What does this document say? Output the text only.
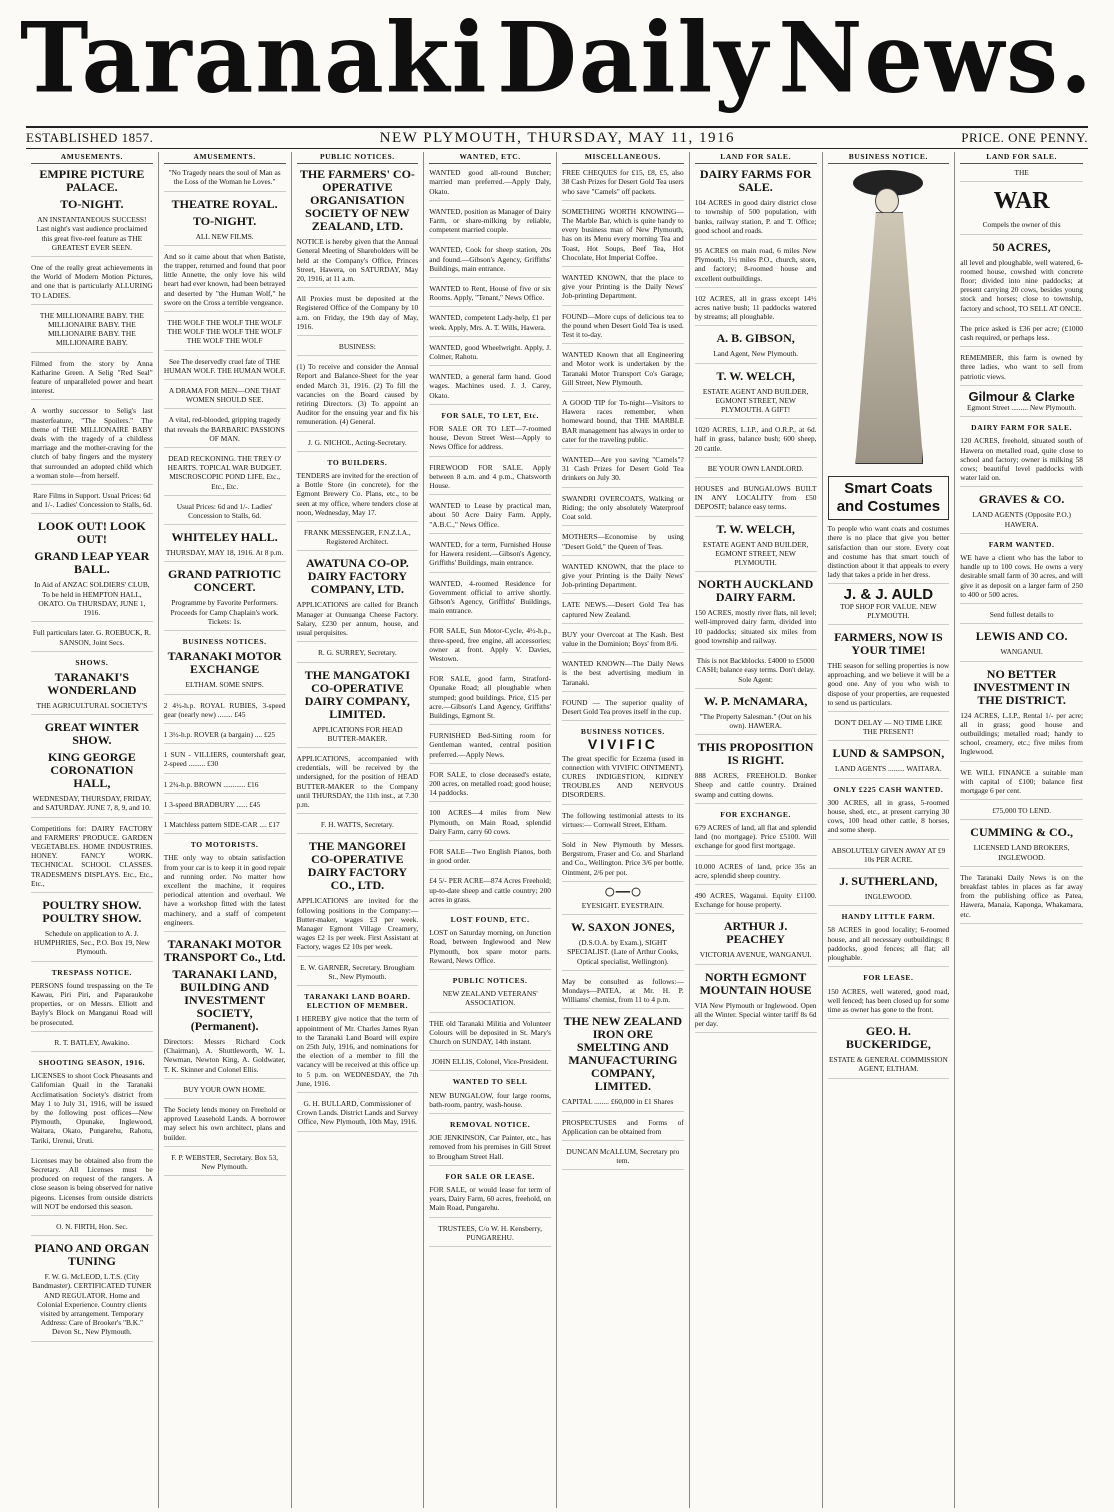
Taranaki Daily News.
ESTABLISHED 1857.	NEW PLYMOUTH, THURSDAY, MAY 11, 1916	PRICE. ONE PENNY.
AMUSEMENTS.
EMPIRE PICTURE PALACE.
TO-NIGHT.
AN INSTANTANEOUS SUCCESS! Last night's vast audience proclaimed this great five-reel feature as THE GREATEST EVER SEEN.
One of the really great achievements in the World of Modern Motion Pictures, and one that is particularly ALLURING TO LADIES.
THE MILLIONAIRE BABY. THE MILLIONAIRE BABY. THE MILLIONAIRE BABY. THE MILLIONAIRE BABY.
Filmed from the story by Anna Katharine Green. A Selig "Red Seal" feature of unparalleled power and heart interest.
A worthy successor to Selig's last masterfeature, "The Spoilers." The theme of THE MILLIONAIRE BABY deals with the tragedy of a childless marriage and the mother-craving for the clutch of baby fingers and the mystery that surrounded an adopted child which a woman stole—from herself.
Rare Films in Support. Usual Prices: 6d and 1/-. Ladies' Concession to Stalls, 6d.
LOOK OUT! LOOK OUT!
GRAND LEAP YEAR BALL.
In Aid of ANZAC SOLDIERS' CLUB, To be held in HEMPTON HALL, OKATO. On THURSDAY, JUNE 1, 1916.
Full particulars later. G. ROEBUCK, R. SANSON, Joint Secs.
SHOWS.
TARANAKI'S WONDERLAND
THE AGRICULTURAL SOCIETY'S
GREAT WINTER SHOW.
KING GEORGE CORONATION HALL,
WEDNESDAY, THURSDAY, FRIDAY, and SATURDAY. JUNE 7, 8, 9, and 10.
Competitions for: DAIRY FACTORY and FARMERS' PRODUCE. GARDEN VEGETABLES. HOME INDUSTRIES. HONEY. FANCY WORK. TECHNICAL SCHOOL CLASSES. TRADESMEN'S DISPLAYS. Etc., Etc., Etc.,
POULTRY SHOW. POULTRY SHOW.
Schedule on application to A. J. HUMPHRIES, Sec., P.O. Box 19, New Plymouth.
TRESPASS NOTICE.
PERSONS found trespassing on the Te Kawau, Piri Piri, and Paparaukohe properties, or on Messrs. Elliott and Bayly's Block on Manganui Road will be prosecuted.
R. T. BATLEY, Awakino.
SHOOTING SEASON, 1916.
LICENSES to shoot Cock Pheasants and Californian Quail in the Taranaki Acclimatisation Society's district from May 1 to July 31, 1916, will be issued by the following post offices—New Plymouth, Opunake, Inglewood, Waitara, Okato, Pungarehu, Rahotu, Tariki, Urenui, Uruti.
Licenses may be obtained also from the Secretary. All Licenses must be produced on request of the rangers. A close season is being observed for native pigeons. Licenses from outside districts will NOT be endorsed this season.
O. N. FIRTH, Hon. Sec.
PIANO AND ORGAN TUNING
F. W. G. McLEOD, L.T.S. (City Bandmaster). CERTIFICATED TUNER AND REGULATOR. Home and Colonial Experience. Country clients visited by arrangement. Temporary Address: Care of Brooker's "B.K." Devon St., New Plymouth.
AMUSEMENTS.
"No Tragedy nears the soul of Man as the Loss of the Woman he Loves."
THEATRE ROYAL.
TO-NIGHT.
ALL NEW FILMS.
And so it came about that when Batiste, the trapper, returned and found that poor little Annette, the only love his wild heart had ever known, had been betrayed and deserted by "the Human Wolf," he swore on the Cross a terrible vengeance.
THE WOLF THE WOLF THE WOLF THE WOLF THE WOLF THE WOLF THE WOLF THE WOLF
See The deservedly cruel fate of THE HUMAN WOLF. THE HUMAN WOLF.
A DRAMA FOR MEN—ONE THAT WOMEN SHOULD SEE.
A vital, red-blooded, gripping tragedy that reveals the BARBARIC PASSIONS OF MAN.
DEAD RECKONING. THE TREY O' HEARTS. TOPICAL WAR BUDGET. MISCROSCOPIC POND LIFE. Etc., Etc., Etc.
Usual Prices: 6d and 1/-. Ladies' Concession to Stalls, 6d.
WHITELEY HALL.
THURSDAY, MAY 18, 1916. At 8 p.m.
GRAND PATRIOTIC CONCERT.
Programme by Favorite Performers. Proceeds for Camp Chaplain's work. Tickets: 1s.
BUSINESS NOTICES.
TARANAKI MOTOR EXCHANGE
ELTHAM. SOME SNIPS.
2 4½-h.p. ROYAL RUBIES, 3-speed gear (nearly new) ........ £45
1 3½-h.p. ROVER (a bargain) .... £25
1 SUN - VILLIERS, countershaft gear, 2-speed ......... £30
1 2¾-h.p. BROWN ............ £16
1 3-speed BRADBURY ...... £45
1 Matchless pattern SIDE-CAR .... £17
TO MOTORISTS.
THE only way to obtain satisfaction from your car is to keep it in good repair and running order. No matter how excellent the machine, it requires periodical attention and overhaul. We have a workshop fitted with the latest machinery, and a staff of competent engineers.
TARANAKI MOTOR TRANSPORT Co., Ltd.
TARANAKI LAND, BUILDING AND INVESTMENT SOCIETY, (Permanent).
Directors: Messrs Richard Cock (Chairman), A. Shuttleworth, W. L. Newman, Newton King, A. Goldwater, T. K. Skinner and Colonel Ellis.
BUY YOUR OWN HOME.
The Society lends money on Freehold or approved Leasehold Lands. A borrower may select his own architect, plans and builder.
F. P. WEBSTER, Secretary. Box 53, New Plymouth.
PUBLIC NOTICES.
THE FARMERS' CO-OPERATIVE ORGANISATION SOCIETY OF NEW ZEALAND, LTD.
NOTICE is hereby given that the Annual General Meeting of Shareholders will be held at the Company's Office, Princes Street, Hawera, on SATURDAY, May 20, 1916, at 11 a.m.
All Proxies must be deposited at the Registered Office of the Company by 10 a.m. on Friday, the 19th day of May, 1916.
BUSINESS:
(1) To receive and consider the Annual Report and Balance-Sheet for the year ended March 31, 1916. (2) To fill the vacancies on the Board caused by retiring Directors. (3) To appoint an Auditor for the ensuing year and fix his remuneration. (4) General.
J. G. NICHOL, Acting-Secretary.
TO BUILDERS.
TENDERS are invited for the erection of a Bottle Store (in concrete), for the Egmont Brewery Co. Plans, etc., to be seen at my office, where tenders close at noon, Wednesday, May 17.
FRANK MESSENGER, F.N.Z.I.A., Registered Architect.
AWATUNA CO-OP. DAIRY FACTORY COMPANY, LTD.
APPLICATIONS are called for Branch Manager at Ounuanga Cheese Factory. Salary, £230 per annum, house, and usual perquisites.
R. G. SURREY, Secretary.
THE MANGATOKI CO-OPERATIVE DAIRY COMPANY, LIMITED.
APPLICATIONS FOR HEAD BUTTER-MAKER.
APPLICATIONS, accompanied with credentials, will be received by the undersigned, for the position of HEAD BUTTER-MAKER to the Company until THURSDAY, the 11th inst., at 7.30 p.m.
F. H. WATTS, Secretary.
THE MANGOREI CO-OPERATIVE DAIRY FACTORY CO., LTD.
APPLICATIONS are invited for the following positions in the Company:— Butter-maker, wages £3 per week. Manager Egmont Village Creamery, wages £2 1s per week. First Assistant at Factory, wages £2 10s per week.
E. W. GARNER, Secretary. Brougham St., New Plymouth.
TARANAKI LAND BOARD. ELECTION OF MEMBER.
I HEREBY give notice that the term of appointment of Mr. Charles James Ryan to the Taranaki Land Board will expire on 25th July, 1916, and nominations for the election of a member to fill the vacancy will be received at this office up to 5 p.m. on WEDNESDAY, the 7th June, 1916.
G. H. BULLARD, Commissioner of Crown Lands. District Lands and Survey Office, New Plymouth, 10th May, 1916.
WANTED, ETC.
WANTED good all-round Butcher; married man preferred.—Apply Daly, Okato.
WANTED, position as Manager of Dairy Farm, or share-milking by reliable, competent married couple.
WANTED, Cook for sheep station, 20s and found.—Gibson's Agency, Griffiths' Buildings, main entrance.
WANTED to Rent, House of five or six Rooms. Apply, "Tenant," News Office.
WANTED, competent Lady-help, £1 per week. Apply, Mrs. A. T. Wills, Hawera.
WANTED, good Wheelwright. Apply, J. Colmer, Rahotu.
WANTED, a general farm hand. Good wages. Machines used. J. J. Carey, Okato.
FOR SALE, TO LET, Etc.
FOR SALE OR TO LET—7-roomed house, Devon Street West—Apply to News Office for address.
FIREWOOD FOR SALE. Apply between 8 a.m. and 4 p.m., Chatsworth House.
WANTED to Lease by practical man, about 50 Acre Dairy Farm. Apply, "A.B.C.," News Office.
WANTED, for a term, Furnished House for Hawera resident.—Gibson's Agency, Griffiths' Buildings, main entrance.
WANTED, 4-roomed Residence for Government official to arrive shortly. Gibson's Agency, Griffiths' Buildings, main entrance.
FOR SALE, Sun Motor-Cycle, 4½-h.p., three-speed, free engine, all accessories; owner at front. Apply V. Davies, Westown.
FOR SALE, good farm, Stratford-Opunake Road; all ploughable when stumped; good buildings. Price, £15 per acre.—Gibson's Land Agency, Griffiths' Buildings, Egmont St.
FURNISHED Bed-Sitting room for Gentleman wanted, central position preferred.—Apply News.
FOR SALE, to close deceased's estate, 200 acres, on metalled road; good house; 14 paddocks.
100 ACRES—4 miles from New Plymouth, on Main Road, splendid Dairy Farm, carry 60 cows.
FOR SALE—Two English Pianos, both in good order.
£4 5/- PER ACRE—874 Acres Freehold; up-to-date sheep and cattle country; 200 acres in grass.
LOST FOUND, ETC.
LOST on Saturday morning, on Junction Road, between Inglewood and New Plymouth, box spare motor parts. Reward, News Office.
PUBLIC NOTICES.
NEW ZEALAND VETERANS' ASSOCIATION.
THE old Taranaki Militia and Volunteer Colours will be deposited in St. Mary's Church on SUNDAY, 14th instant.
JOHN ELLIS, Colonel, Vice-President.
WANTED TO SELL
NEW BUNGALOW, four large rooms, bath-room, pantry, wash-house.
REMOVAL NOTICE.
JOE JENKINSON, Car Painter, etc., has removed from his premises in Gill Street to Brougham Street Hall.
FOR SALE OR LEASE.
FOR SALE, or would lease for term of years, Dairy Farm, 60 acres, freehold, on Main Road, Pungarehu.
TRUSTEES, C/o W. H. Kensberry, PUNGAREHU.
MISCELLANEOUS.
FREE CHEQUES for £15, £8, £5, also 38 Cash Prizes for Desert Gold Tea users who save "Camels" off packets.
SOMETHING WORTH KNOWING—The Marble Bar, which is quite handy to every business man of New Plymouth, has on its Menu every morning Tea and Toast, Hot Soups, Beef Tea, Hot Chocolate, Hot Imperial Coffee.
WANTED KNOWN, that the place to give your Printing is the Daily News' Job-printing Department.
FOUND—More cups of delicious tea to the pound when Desert Gold Tea is used. Test it to-day.
WANTED Known that all Engineering and Motor work is undertaken by the Taranaki Motor Transport Co's Garage, Gill Street, New Plymouth.
A GOOD TIP for To-night—Visitors to Hawera races remember, when homeward bound, that THE MARBLE BAR management has always in order to cater for the traveling public.
WANTED—Are you saving "Camels"? 31 Cash Prizes for Desert Gold Tea drinkers on July 30.
SWANDRI OVERCOATS, Walking or Riding; the only absolutely Waterproof Coat sold.
MOTHERS—Economise by using "Desert Gold," the Queen of Teas.
WANTED KNOWN, that the place to give your Printing is the Daily News' Job-printing Department.
LATE NEWS.—Desert Gold Tea has captured New Zealand.
BUY your Overcoat at The Kash. Best value in the Dominion; Boys' from 8/6.
WANTED KNOWN—The Daily News is the best advertising medium in Taranaki.
FOUND — The superior quality of Desert Gold Tea proves itself in the cup.
BUSINESS NOTICES.
VIVIFIC
The great specific for Eczema (used in connection with VIVIFIC OINTMENT). CURES INDIGESTION, KIDNEY TROUBLES AND NERVOUS DISORDERS.
The following testimonial attests to its virtues:— Cornwall Street, Eltham.
Sold in New Plymouth by Messrs. Bergstrom, Fraser and Co. and Sharland and Co., Wellington. Price 3/6 per bottle. Ointment, 2/6 per pot.
○─○
EYESIGHT. EYESTRAIN.
W. SAXON JONES,
(D.S.O.A. by Exam.), SIGHT SPECIALIST. (Late of Arthur Cooks, Optical specialist, Wellington).
May be consulted as follows:— Mondays—PATEA, at Mr. H. P. Williams' chemist, from 11 to 4 p.m.
THE NEW ZEALAND IRON ORE SMELTING AND MANUFACTURING COMPANY, LIMITED.
CAPITAL ........ £60,000 in £1 Shares
PROSPECTUSES and Forms of Application can be obtained from
DUNCAN McALLUM, Secretary pro tem.
LAND FOR SALE.
DAIRY FARMS FOR SALE.
104 ACRES in good dairy district close to township of 500 population, with banks, railway station, P. and T. Office; good school and roads.
95 ACRES on main road, 6 miles New Plymouth, 1½ miles P.O., church, store, and factory; 8-roomed house and excellent outbuildings.
102 ACRES, all in grass except 14½ acres native bush; 11 paddocks watered by streams; all ploughable.
A. B. GIBSON,
Land Agent, New Plymouth.
T. W. WELCH,
ESTATE AGENT AND BUILDER, EGMONT STREET, NEW PLYMOUTH. A GIFT!
1020 ACRES, L.I.P., and O.R.P., at 6d. half in grass, balance bush; 600 sheep, 20 cattle.
BE YOUR OWN LANDLORD.
HOUSES and BUNGALOWS BUILT IN ANY LOCALITY from £50 DEPOSIT; balance easy terms.
T. W. WELCH,
ESTATE AGENT AND BUILDER, EGMONT STREET, NEW PLYMOUTH.
NORTH AUCKLAND DAIRY FARM.
150 ACRES, mostly river flats, nil level; well-improved dairy farm, divided into 10 paddocks; situated six miles from good township and railway.
This is not Backblocks. £4000 to £5000 CASH; balance easy terms. Don't delay. Sole Agent:
W. P. McNAMARA,
"The Property Salesman." (Out on his own). HAWERA.
THIS PROPOSITION IS RIGHT.
888 ACRES, FREEHOLD. Bonker Sheep and cattle country. Drained swamp and cutting downs.
FOR EXCHANGE.
679 ACRES of land, all flat and splendid land (no mortgage). Price £5100. Will exchange for good first mortgage.
10.000 ACRES of land, price 35s an acre, splendid sheep country.
490 ACRES, Waganui. Equity £1100. Exchange for house property.
ARTHUR J. PEACHEY
VICTORIA AVENUE, WANGANUI.
NORTH EGMONT MOUNTAIN HOUSE
VIA New Plymouth or Inglewood. Open all the Winter. Special winter tariff 8s 6d per day.
BUSINESS NOTICE.
Smart Coats and Costumes
To people who want coats and costumes there is no place that give you better satisfaction than our store. Every coat and costume has that smart touch of distinction about it that appeals to every lady that takes a pride in her dress.
J. & J. AULD
TOP SHOP FOR VALUE. NEW PLYMOUTH.
FARMERS, NOW IS YOUR TIME!
THE season for selling properties is now approaching, and we believe it will be a good one. Any of you who wish to dispose of your properties, are requested to send us particulars.
DON'T DELAY — NO TIME LIKE THE PRESENT!
LUND & SAMPSON,
LAND AGENTS ......... WAITARA.
ONLY £225 CASH WANTED.
300 ACRES, all in grass, 5-roomed house, shed, etc., at present carrying 30 cows, 100 head other cattle, 8 horses, and some sheep.
ABSOLUTELY GIVEN AWAY AT £9 10s PER ACRE.
J. SUTHERLAND,
INGLEWOOD.
HANDY LITTLE FARM.
58 ACRES in good locality; 6-roomed house, and all necessary outbuildings; 8 paddocks, good fences; all flat; all ploughable.
FOR LEASE.
150 ACRES, well watered, good road, well fenced; has been closed up for some time as owner has gone to the front.
GEO. H. BUCKERIDGE,
ESTATE & GENERAL COMMISSION AGENT, ELTHAM.
LAND FOR SALE.
THE
WAR
Compels the owner of this
50 ACRES,
all level and ploughable, well watered, 6-roomed house, cowshed with concrete floor; divided into nine paddocks; at present carrying 20 cows, besides young stock and horses; close to township, factory and school, TO SELL AT ONCE.
The price asked is £36 per acre; (£1000 cash required, or perhaps less.
REMEMBER, this farm is owned by three ladies, who want to sell from patriotic views.
Gilmour & Clarke
Egmont Street ......... New Plymouth.
DAIRY FARM FOR SALE.
120 ACRES, freehold, situated south of Hawera on metalled road, quite close to school and factory; owner is milking 58 cows; beautiful level paddocks with water laid on.
GRAVES & CO.
LAND AGENTS (Opposite P.O.) HAWERA.
FARM WANTED.
WE have a client who has the labor to handle up to 100 cows. He owns a very desirable small farm of 30 acres, and will give it as deposit on a larger farm of 250 to 400 or 500 acres.
Send fullest details to
LEWIS AND CO.
WANGANUI.
NO BETTER INVESTMENT IN THE DISTRICT.
124 ACRES, L.I.P., Rental 1/- per acre; all in grass; good house and outbuildings; metalled road; handy to school, creamery, etc.; five miles from Inglewood.
WE WILL FINANCE a suitable man with capital of £100; balance first mortgage 6 per cent.
£75,000 TO LEND.
CUMMING & CO.,
LICENSED LAND BROKERS, INGLEWOOD.
The Taranaki Daily News is on the breakfast tables in places as far away from the publishing office as Patea, Hawera, Manaia, Kaponga, Whakamara, etc.
